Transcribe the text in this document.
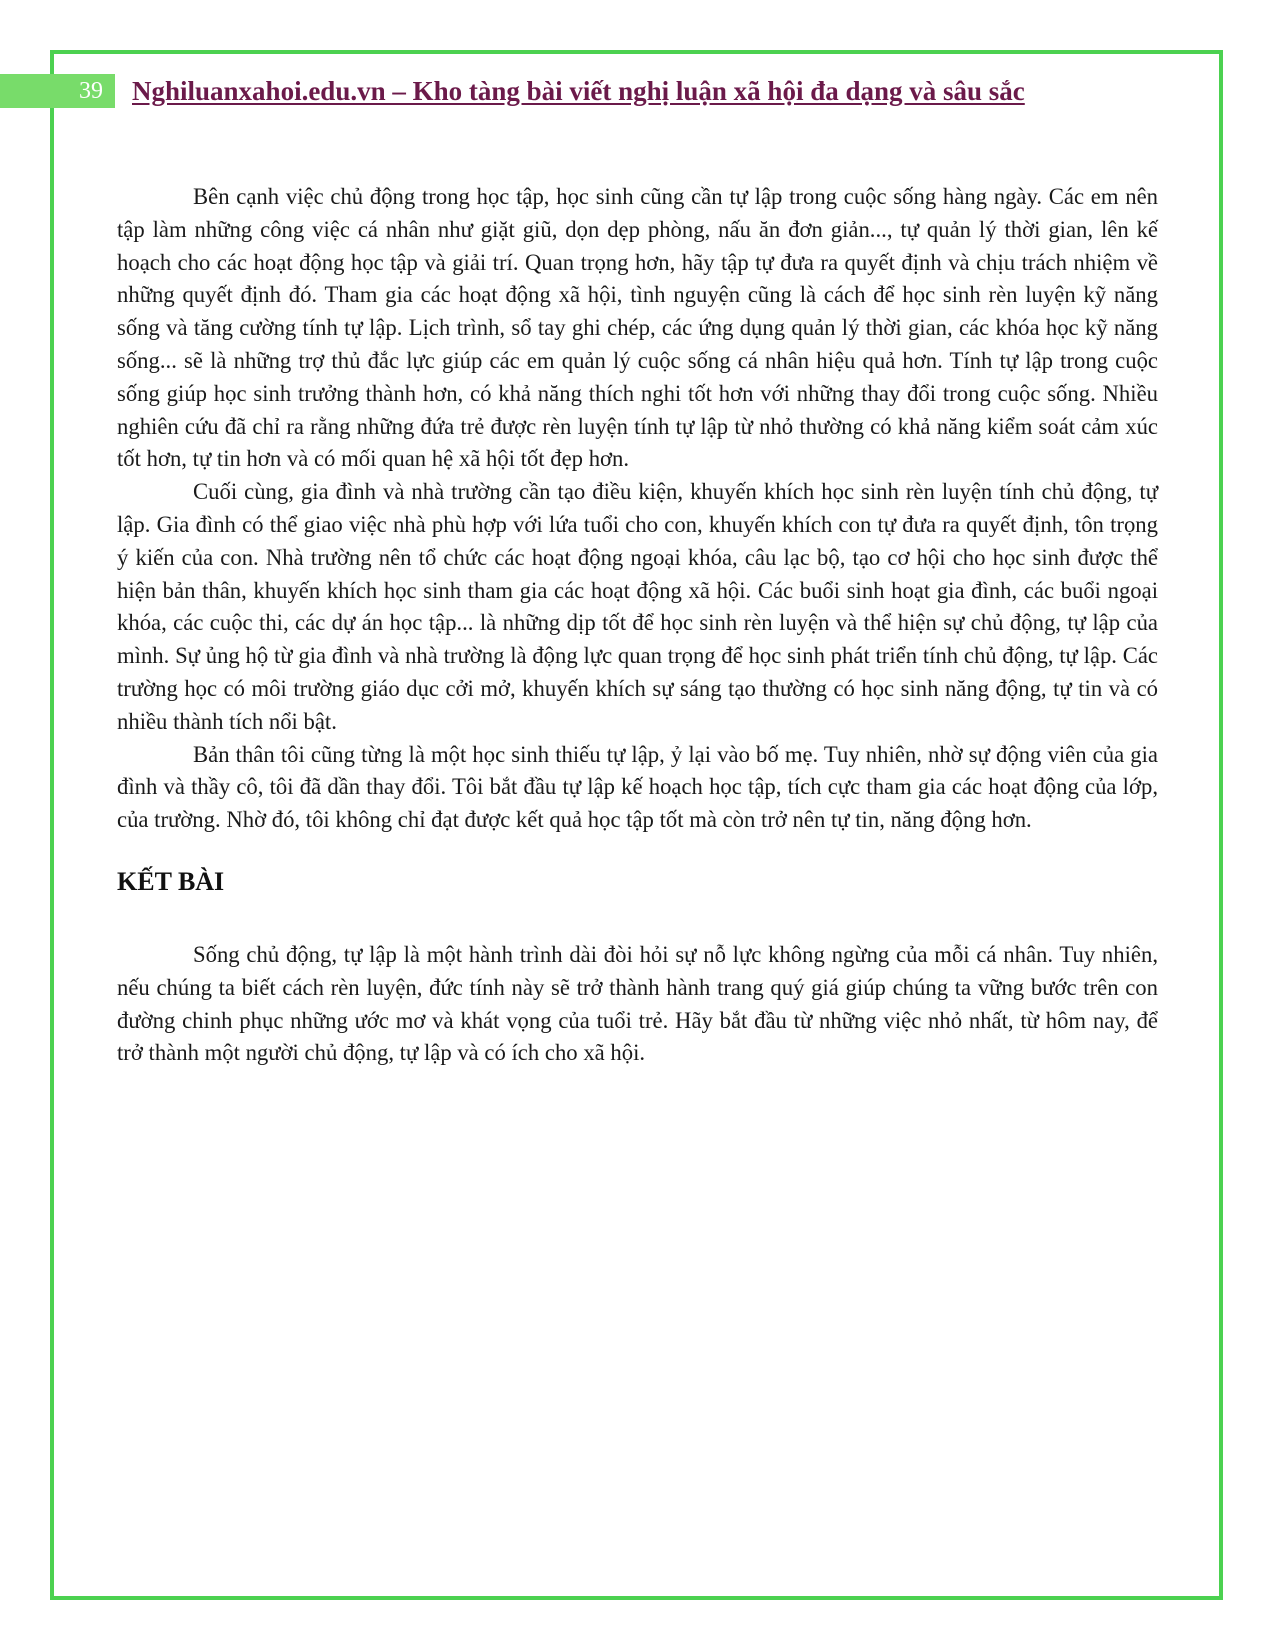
39	Nghiluanxahoi.edu.vn – Kho tàng bài viết nghị luận xã hội đa dạng và sâu sắc

Bên cạnh việc chủ động trong học tập, học sinh cũng cần tự lập trong cuộc sống hàng ngày. Các em nên tập làm những công việc cá nhân như giặt giũ, dọn dẹp phòng, nấu ăn đơn giản..., tự quản lý thời gian, lên kế hoạch cho các hoạt động học tập và giải trí. Quan trọng hơn, hãy tập tự đưa ra quyết định và chịu trách nhiệm về những quyết định đó. Tham gia các hoạt động xã hội, tình nguyện cũng là cách để học sinh rèn luyện kỹ năng sống và tăng cường tính tự lập. Lịch trình, sổ tay ghi chép, các ứng dụng quản lý thời gian, các khóa học kỹ năng sống... sẽ là những trợ thủ đắc lực giúp các em quản lý cuộc sống cá nhân hiệu quả hơn. Tính tự lập trong cuộc sống giúp học sinh trưởng thành hơn, có khả năng thích nghi tốt hơn với những thay đổi trong cuộc sống. Nhiều nghiên cứu đã chỉ ra rằng những đứa trẻ được rèn luyện tính tự lập từ nhỏ thường có khả năng kiểm soát cảm xúc tốt hơn, tự tin hơn và có mối quan hệ xã hội tốt đẹp hơn.

Cuối cùng, gia đình và nhà trường cần tạo điều kiện, khuyến khích học sinh rèn luyện tính chủ động, tự lập. Gia đình có thể giao việc nhà phù hợp với lứa tuổi cho con, khuyến khích con tự đưa ra quyết định, tôn trọng ý kiến của con. Nhà trường nên tổ chức các hoạt động ngoại khóa, câu lạc bộ, tạo cơ hội cho học sinh được thể hiện bản thân, khuyến khích học sinh tham gia các hoạt động xã hội. Các buổi sinh hoạt gia đình, các buổi ngoại khóa, các cuộc thi, các dự án học tập... là những dịp tốt để học sinh rèn luyện và thể hiện sự chủ động, tự lập của mình. Sự ủng hộ từ gia đình và nhà trường là động lực quan trọng để học sinh phát triển tính chủ động, tự lập. Các trường học có môi trường giáo dục cởi mở, khuyến khích sự sáng tạo thường có học sinh năng động, tự tin và có nhiều thành tích nổi bật.

Bản thân tôi cũng từng là một học sinh thiếu tự lập, ỷ lại vào bố mẹ. Tuy nhiên, nhờ sự động viên của gia đình và thầy cô, tôi đã dần thay đổi. Tôi bắt đầu tự lập kế hoạch học tập, tích cực tham gia các hoạt động của lớp, của trường. Nhờ đó, tôi không chỉ đạt được kết quả học tập tốt mà còn trở nên tự tin, năng động hơn.

KẾT BÀI

Sống chủ động, tự lập là một hành trình dài đòi hỏi sự nỗ lực không ngừng của mỗi cá nhân. Tuy nhiên, nếu chúng ta biết cách rèn luyện, đức tính này sẽ trở thành hành trang quý giá giúp chúng ta vững bước trên con đường chinh phục những ước mơ và khát vọng của tuổi trẻ. Hãy bắt đầu từ những việc nhỏ nhất, từ hôm nay, để trở thành một người chủ động, tự lập và có ích cho xã hội.
